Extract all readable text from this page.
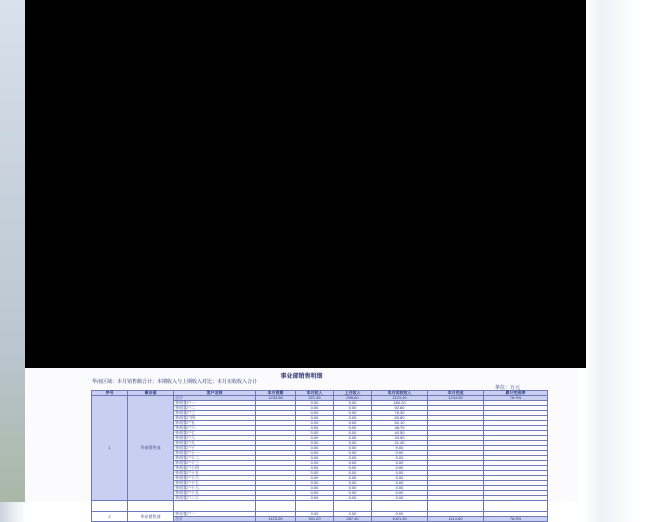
事业部销售明细
华南区域：本月销售额合计；本期收入与上期收入对比；本月实收收入合计
单位：万元
序号	事业部	客户名称	本月预算	本月收入	上月收入	本月实收收入	本月完成	累计完成率
1	华南销售部	合计	1234.56	321.45	298.60	1123.40	1234.50	78.9%
		华南客户一		0.00	0.00	180.20		
		华南客户二		0.00	0.00	92.60		
		华南客户三		0.00	0.00	76.30		
		华南客户四		0.00	0.00	63.80		
		华南客户五		0.00	0.00	52.10		
		华南客户六		0.00	0.00	48.70		
		华南客户七		0.00	0.00	40.50		
		华南客户八		0.00	0.00	33.90		
		华南客户九		0.00	0.00	21.40		
		华南客户十		0.00	0.00	9.00		
		华南客户十一		0.00	0.00	0.00		
		华南客户十二		0.00	0.00	0.00		
		华南客户十三		0.00	0.00	0.00		
		华南客户十四		0.00	0.00	0.00		
		华南客户十五		0.00	0.00	0.00		
		华南客户十六		0.00	0.00	0.00		
		华南客户十七		0.00	0.00	0.00		
		华南客户十八		0.00	0.00	0.00		
		华南客户十九		0.00	0.00	0.00		
		华南客户二十		0.00	0.00	0.00		

2	华东销售部	华东客户一		0.00	0.00	0.00		
		合计	1123.00	301.20	287.40	1021.30	1114.60	76.5%
